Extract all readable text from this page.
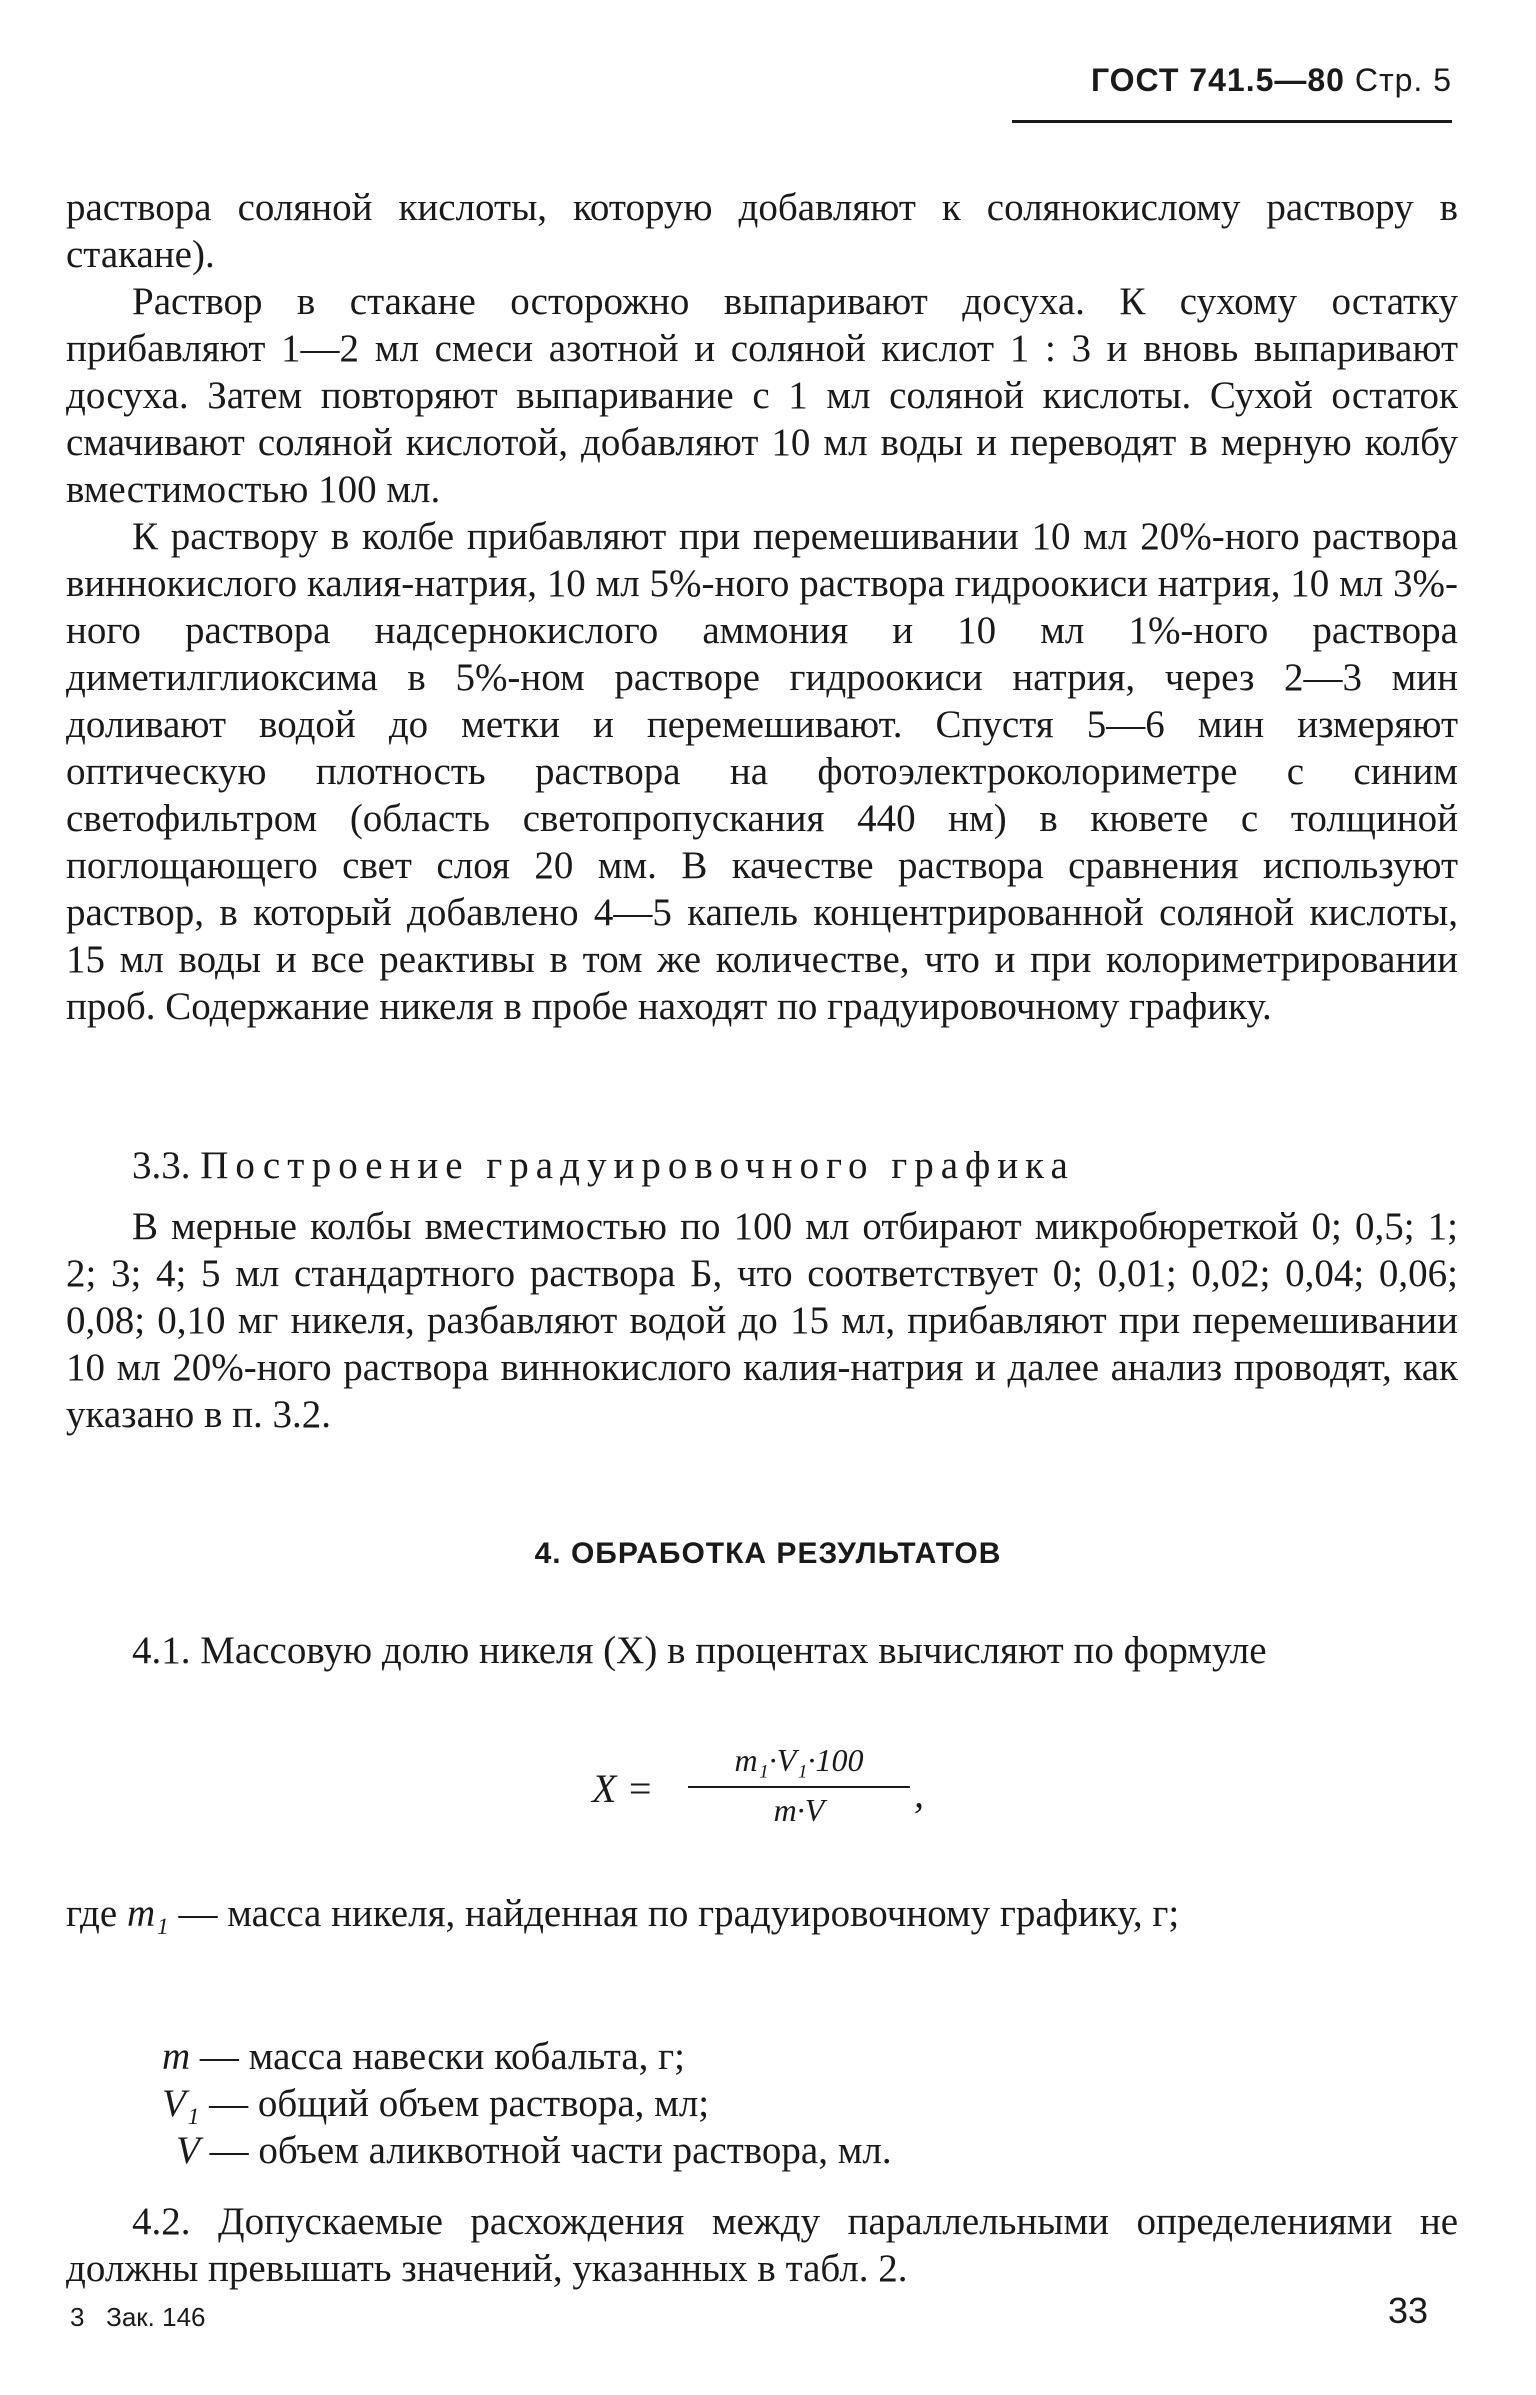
ГОСТ 741.5—80 Стр. 5

раствора соляной кислоты, которую добавляют к солянокислому раствору в стакане).

Раствор в стакане осторожно выпаривают досуха. К сухому остатку прибавляют 1—2 мл смеси азотной и соляной кислот 1 : 3 и вновь выпаривают досуха. Затем повторяют выпаривание с 1 мл соляной кислоты. Сухой остаток смачивают соляной кислотой, добавляют 10 мл воды и переводят в мерную колбу вместимостью 100 мл.

К раствору в колбе прибавляют при перемешивании 10 мл 20%-ного раствора виннокислого калия-натрия, 10 мл 5%-ного раствора гидроокиси натрия, 10 мл 3%-ного раствора надсернокислого аммония и 10 мл 1%-ного раствора диметилглиоксима в 5%-ном растворе гидроокиси натрия, через 2—3 мин доливают водой до метки и перемешивают. Спустя 5—6 мин измеряют оптическую плотность раствора на фотоэлектроколориметре с синим светофильтром (область светопропускания 440 нм) в кювете с толщиной поглощающего свет слоя 20 мм. В качестве раствора сравнения используют раствор, в который добавлено 4—5 капель концентрированной соляной кислоты, 15 мл воды и все реактивы в том же количестве, что и при колориметрировании проб. Содержание никеля в пробе находят по градуировочному графику.

3.3. Построение градуировочного графика

В мерные колбы вместимостью по 100 мл отбирают микробюреткой 0; 0,5; 1; 2; 3; 4; 5 мл стандартного раствора Б, что соответствует 0; 0,01; 0,02; 0,04; 0,06; 0,08; 0,10 мг никеля, разбавляют водой до 15 мл, прибавляют при перемешивании 10 мл 20%-ного раствора виннокислого калия-натрия и далее анализ проводят, как указано в п. 3.2.

4. ОБРАБОТКА РЕЗУЛЬТАТОВ

4.1. Массовую долю никеля (X) в процентах вычисляют по формуле

X =
m₁·V₁·100
m·V	,
где m₁ — масса никеля, найденная по градуировочному графику, г;
m — масса навески кобальта, г;
V₁ — общий объем раствора, мл;
V — объем аликвотной части раствора, мл.

4.2. Допускаемые расхождения между параллельными определениями не должны превышать значений, указанных в табл. 2.

3   Зак. 146	33
